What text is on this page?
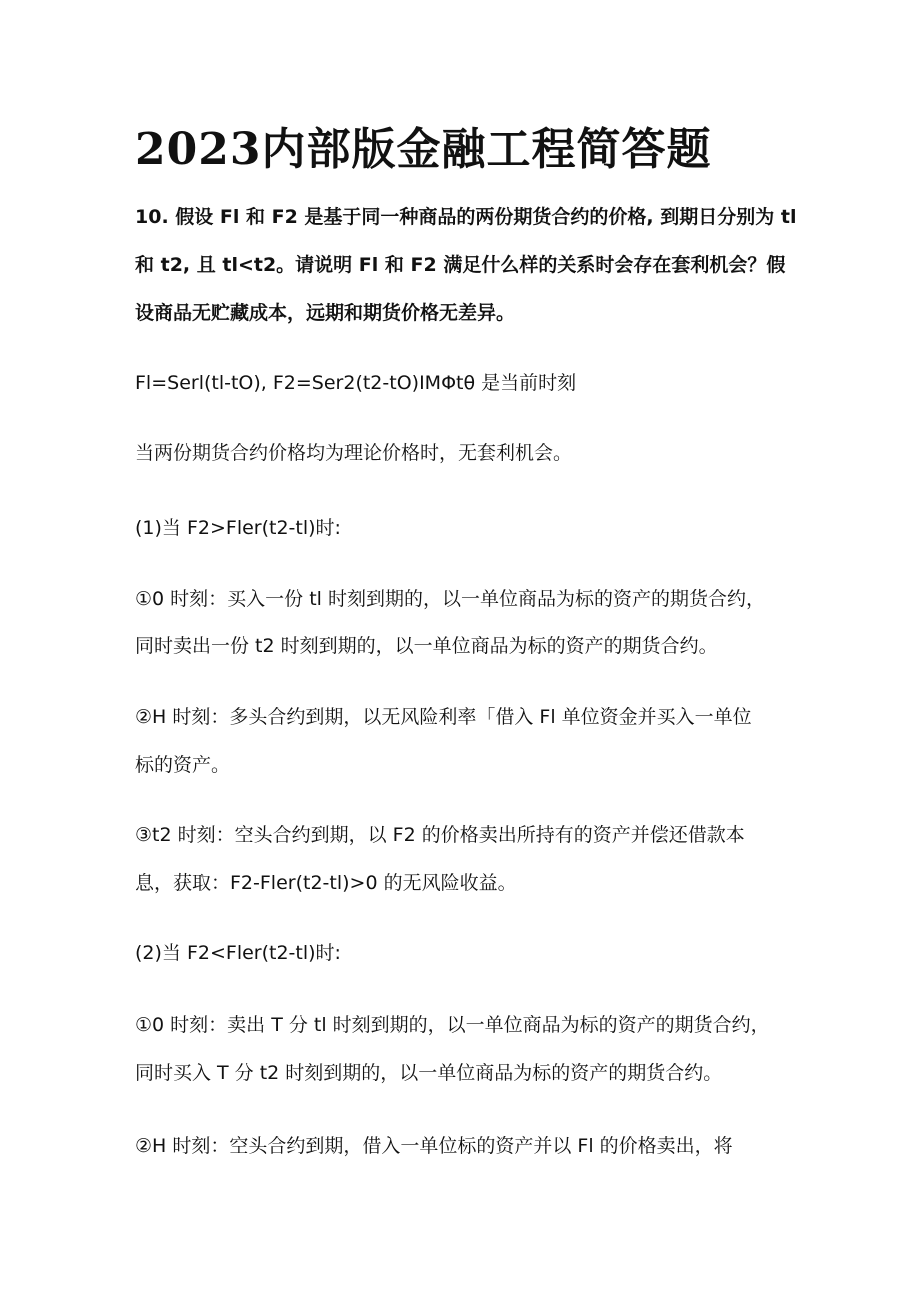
2023内部版金融工程简答题
10. 假设 Fl 和 F2 是基于同一种商品的两份期货合约的价格, 到期日分别为 tl 和 t2, 且 tl<t2。请说明 Fl 和 F2 满足什么样的关系时会存在套利机会？假设商品无贮藏成本，远期和期货价格无差异。
Fl=Serl(tl-tO), F2=Ser2(t2-tO)ⅠMΦtθ 是当前时刻
当两份期货合约价格均为理论价格时，无套利机会。
(1)当 F2>Fler(t2-tl)时:
①0 时刻：买入一份 tl 时刻到期的，以一单位商品为标的资产的期货合约，
同时卖出一份 t2 时刻到期的，以一单位商品为标的资产的期货合约。
②H 时刻：多头合约到期，以无风险利率「借入 Fl 单位资金并买入一单位
标的资产。
③t2 时刻：空头合约到期，以 F2 的价格卖出所持有的资产并偿还借款本
息，获取：F2-Fler(t2-tl)>0 的无风险收益。
(2)当 F2<Fler(t2-tl)时:
①0 时刻：卖出 T 分 tl 时刻到期的，以一单位商品为标的资产的期货合约，
同时买入 T 分 t2 时刻到期的，以一单位商品为标的资产的期货合约。
②H 时刻：空头合约到期，借入一单位标的资产并以 Fl 的价格卖出，将
